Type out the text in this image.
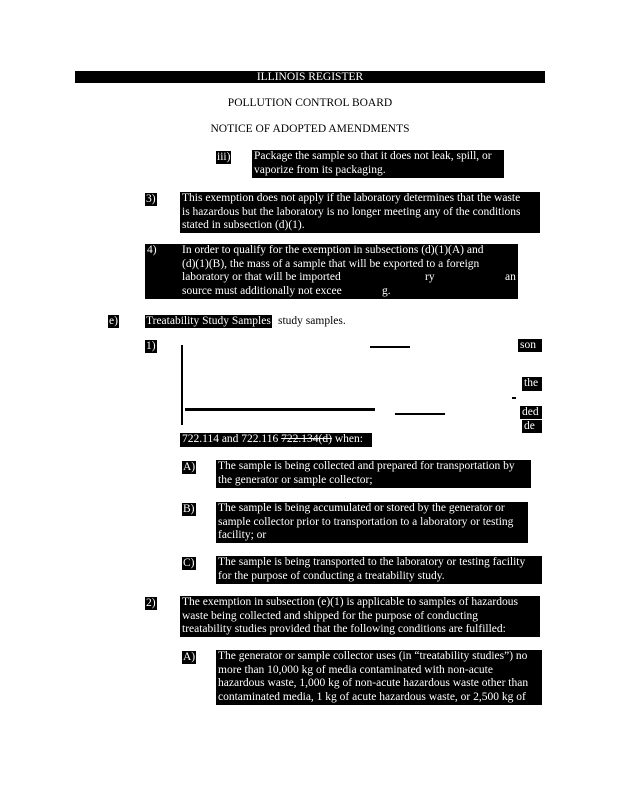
ILLINOIS REGISTER
POLLUTION CONTROL BOARD
NOTICE OF ADOPTED AMENDMENTS
iii) Package the sample so that it does not leak, spill, or
vaporize from its packaging.
3) This exemption does not apply if the laboratory determines that the waste
is hazardous but the laboratory is no longer meeting any of the conditions
stated in subsection (d)(1).
4)	In order to qualify for the exemption in subsections (d)(1)(A) and
(d)(1)(B), the mass of a sample that will be exported to a foreign
laboratory or that will be imported	ry	an
source must additionally not excee	g.
e) Treatability Study Samples study samples.
1)	son
the
ded
de
722.114 and 722.116 722.134(d) when:
A) The sample is being collected and prepared for transportation by
the generator or sample collector;
B) The sample is being accumulated or stored by the generator or
sample collector prior to transportation to a laboratory or testing
facility; or
C) The sample is being transported to the laboratory or testing facility
for the purpose of conducting a treatability study.
2) The exemption in subsection (e)(1) is applicable to samples of hazardous
waste being collected and shipped for the purpose of conducting
treatability studies provided that the following conditions are fulfilled:
A) The generator or sample collector uses (in “treatability studies”) no
more than 10,000 kg of media contaminated with non-acute
hazardous waste, 1,000 kg of non-acute hazardous waste other than
contaminated media, 1 kg of acute hazardous waste, or 2,500 kg of
